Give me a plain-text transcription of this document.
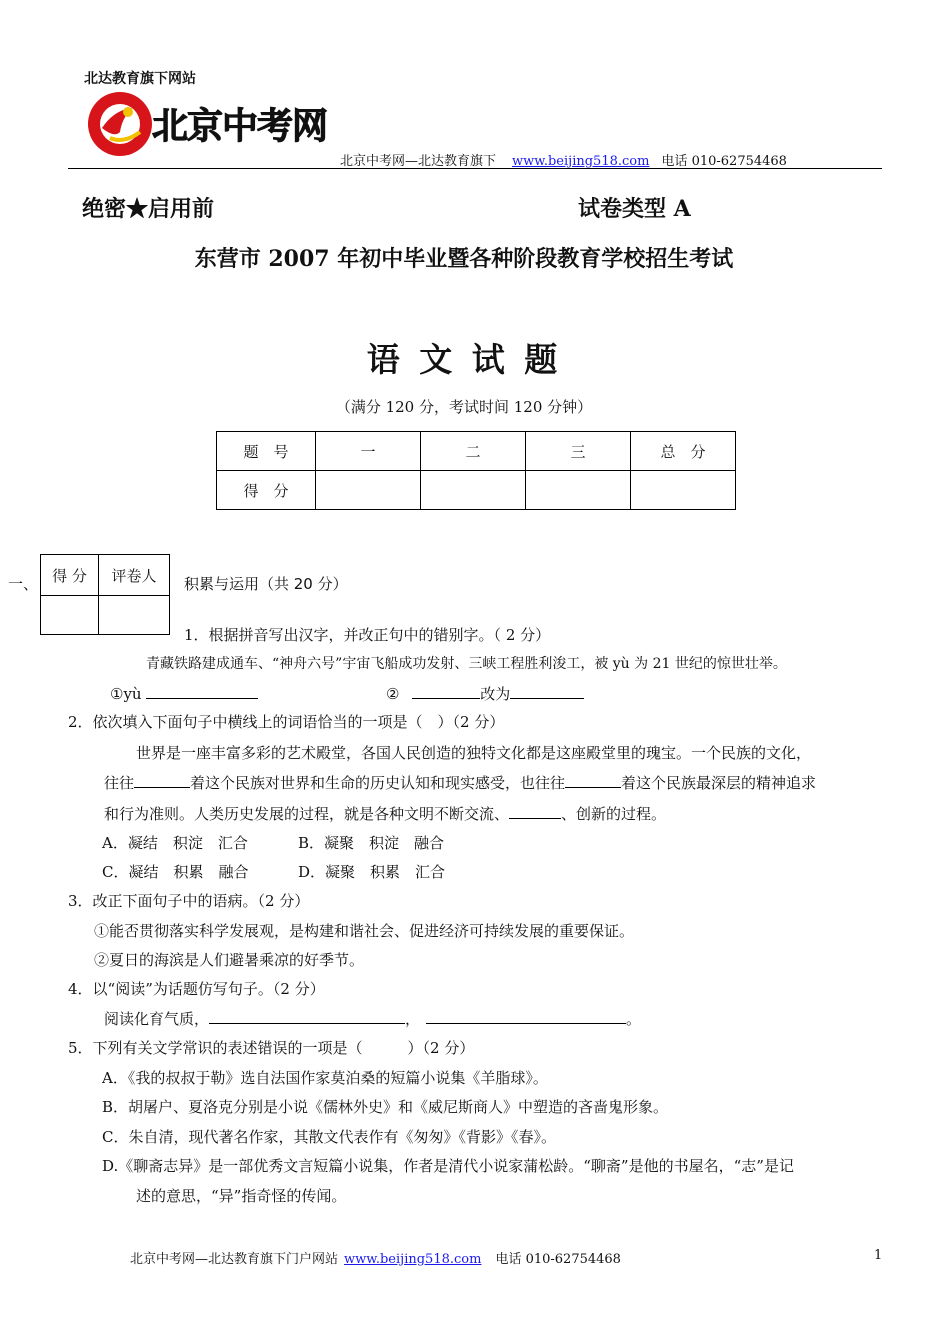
北达教育旗下网站
北京中考网
北京中考网—北达教育旗下 www.beijing518.com 电话 010-62754468
绝密★启用前	试卷类型 A
东营市 2007 年初中毕业暨各种阶段教育学校招生考试
语 文 试 题
（满分 120 分，考试时间 120 分钟）
题　号	一	二	三	总　分
得　分				
一、 得 分	评卷人
	积累与运用（共 20 分）
1．根据拼音写出汉字，并改正句中的错别字。（ 2 分）
青藏铁路建成通车、“神舟六号”宇宙飞船成功发射、三峡工程胜利浚工，被 yù 为 21 世纪的惊世壮举。
①yù	②	改为
2．依次填入下面句子中横线上的词语恰当的一项是（　）（2 分）
世界是一座丰富多彩的艺术殿堂，各国人民创造的独特文化都是这座殿堂里的瑰宝。一个民族的文化，
往往	着这个民族对世界和生命的历史认知和现实感受，也往往	着这个民族最深层的精神追求
和行为准则。人类历史发展的过程，就是各种文明不断交流、	、创新的过程。
A．凝结　积淀　汇合	B．凝聚　积淀　融合
C．凝结　积累　融合	D．凝聚　积累　汇合
3．改正下面句子中的语病。（2 分）
①能否贯彻落实科学发展观，是构建和谐社会、促进经济可持续发展的重要保证。
②夏日的海滨是人们避暑乘凉的好季节。
4．以“阅读”为话题仿写句子。（2 分）
阅读化育气质，	，	。
5．下列有关文学常识的表述错误的一项是（　　　）（2 分）
A．《我的叔叔于勒》选自法国作家莫泊桑的短篇小说集《羊脂球》。
B．胡屠户、夏洛克分别是小说《儒林外史》和《威尼斯商人》中塑造的吝啬鬼形象。
C．朱自清，现代著名作家，其散文代表作有《匆匆》《背影》《春》。
D.《聊斋志异》是一部优秀文言短篇小说集，作者是清代小说家蒲松龄。“聊斋”是他的书屋名，“志”是记
述的意思，“异”指奇怪的传闻。
北京中考网—北达教育旗下门户网站 www.beijing518.com 电话 010-62754468	1
